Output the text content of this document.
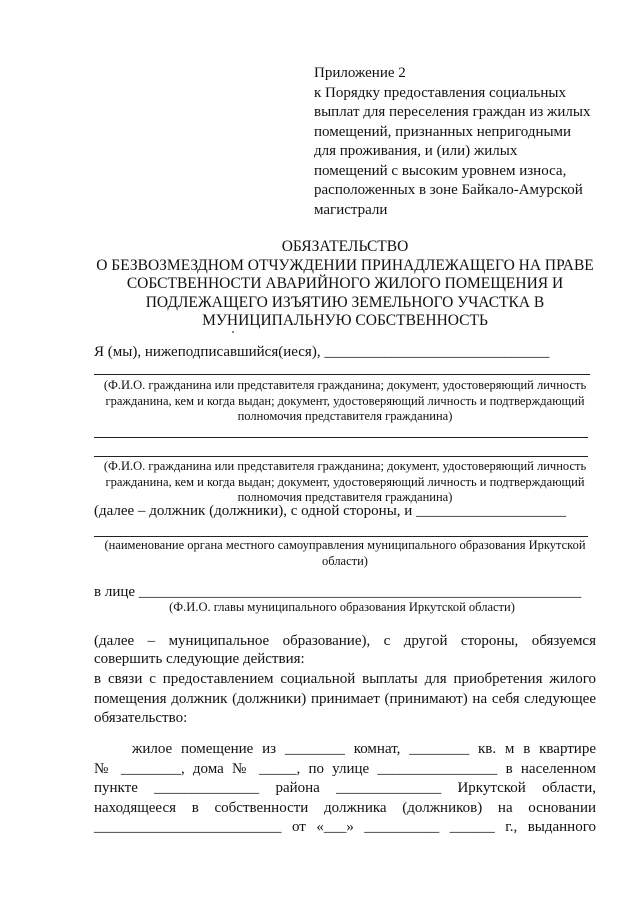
Приложение 2
к Порядку предоставления социальных
выплат для переселения граждан из жилых
помещений, признанных непригодными
для проживания, и (или) жилых
помещений с высоким уровнем износа,
расположенных в зоне Байкало-Амурской
магистрали
ОБЯЗАТЕЛЬСТВО
О БЕЗВОЗМЕЗДНОМ ОТЧУЖДЕНИИ ПРИНАДЛЕЖАЩЕГО НА ПРАВЕ
СОБСТВЕННОСТИ АВАРИЙНОГО ЖИЛОГО ПОМЕЩЕНИЯ И
ПОДЛЕЖАЩЕГО ИЗЪЯТИЮ ЗЕМЕЛЬНОГО УЧАСТКА В
МУНИЦИПАЛЬНУЮ СОБСТВЕННОСТЬ
Я (мы), нижеподписавшийся(иеся), ______________________________
(Ф.И.О. гражданина или представителя гражданина; документ, удостоверяющий личность
гражданина, кем и когда выдан; документ, удостоверяющий личность и подтверждающий
полномочия представителя гражданина)
(Ф.И.О. гражданина или представителя гражданина; документ, удостоверяющий личность
гражданина, кем и когда выдан; документ, удостоверяющий личность и подтверждающий
полномочия представителя гражданина)
(далее – должник (должники), с одной стороны, и ____________________
(наименование органа местного самоуправления муниципального образования Иркутской
области)
в лице ___________________________________________________________
(Ф.И.О. главы муниципального образования Иркутской области)
(далее – муниципальное образование), с другой стороны, обязуемся
совершить следующие действия:
в связи с предоставлением социальной выплаты для приобретения жилого
помещения должник (должники) принимает (принимают) на себя следующее
обязательство:
жилое помещение из ________ комнат, ________ кв. м в квартире
№ ________, дома № _____, по улице ________________ в населенном
пункте ______________ района ______________ Иркутской области,
находящееся в собственности должника (должников) на основании
_________________________ от «___» __________ ______ г., выданного
